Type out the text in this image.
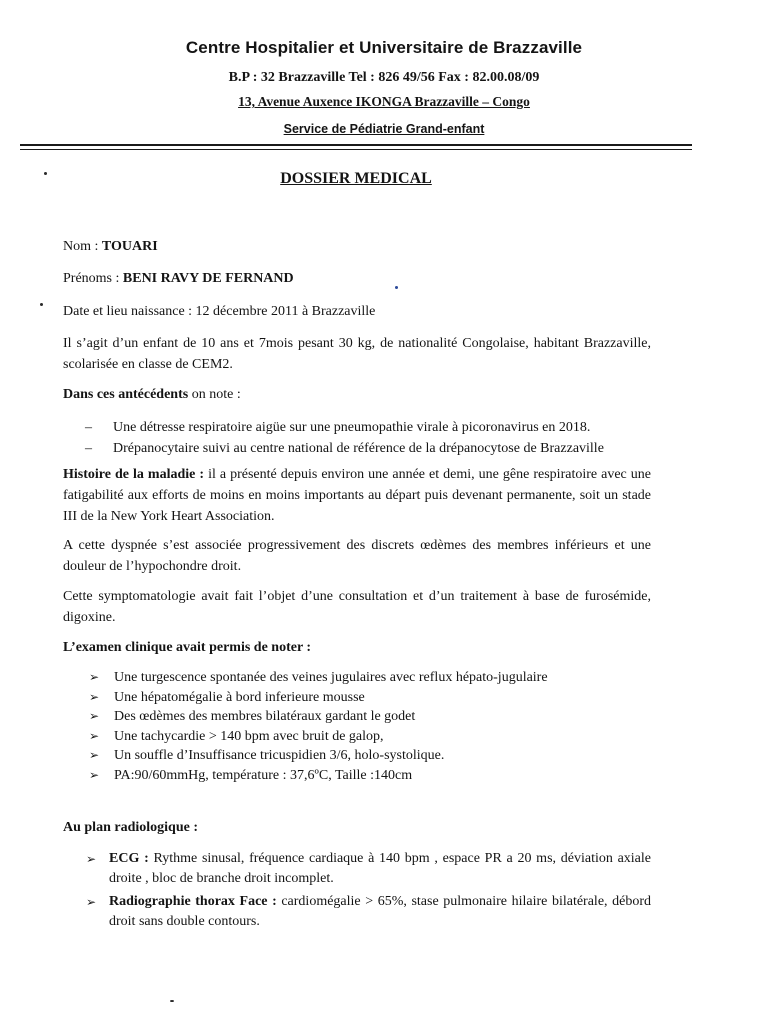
Centre Hospitalier et Universitaire de Brazzaville
B.P : 32 Brazzaville Tel : 826 49/56 Fax : 82.00.08/09
13, Avenue Auxence IKONGA Brazzaville – Congo
Service de Pédiatrie Grand-enfant
DOSSIER MEDICAL

Nom : TOUARI

Prénoms : BENI RAVY DE FERNAND

Date et lieu naissance : 12 décembre 2011 à Brazzaville

Il s’agit d’un enfant de 10 ans et 7mois pesant 30 kg, de nationalité Congolaise, habitant Brazzaville, scolarisée en classe de CEM2.

Dans ces antécédents on note :

– Une détresse respiratoire aigüe sur une pneumopathie virale à picoronavirus en 2018.
– Drépanocytaire suivi au centre national de référence de la drépanocytose de Brazzaville

Histoire de la maladie : il a présenté depuis environ une année et demi, une gêne respiratoire avec une fatigabilité aux efforts de moins en moins importants au départ puis devenant permanente, soit un stade III de la New York Heart Association.

A cette dyspnée s’est associée progressivement des discrets œdèmes des membres inférieurs et une douleur de l’hypochondre droit.

Cette symptomatologie avait fait l’objet d’une consultation et d’un traitement à base de furosémide, digoxine.

L’examen clinique avait permis de noter :

➢ Une turgescence spontanée des veines jugulaires avec reflux hépato-jugulaire
➢ Une hépatomégalie à bord inferieure mousse
➢ Des œdèmes des membres bilatéraux gardant le godet
➢ Une tachycardie > 140 bpm avec bruit de galop,
➢ Un souffle d’Insuffisance tricuspidien 3/6, holo-systolique.
➢ PA:90/60mmHg, température : 37,6ºC, Taille :140cm

Au plan radiologique :

➢ ECG : Rythme sinusal, fréquence cardiaque à 140 bpm , espace PR a 20 ms, déviation axiale droite , bloc de branche droit incomplet.
➢ Radiographie thorax Face : cardiomégalie > 65%, stase pulmonaire hilaire bilatérale, débord droit sans double contours.
